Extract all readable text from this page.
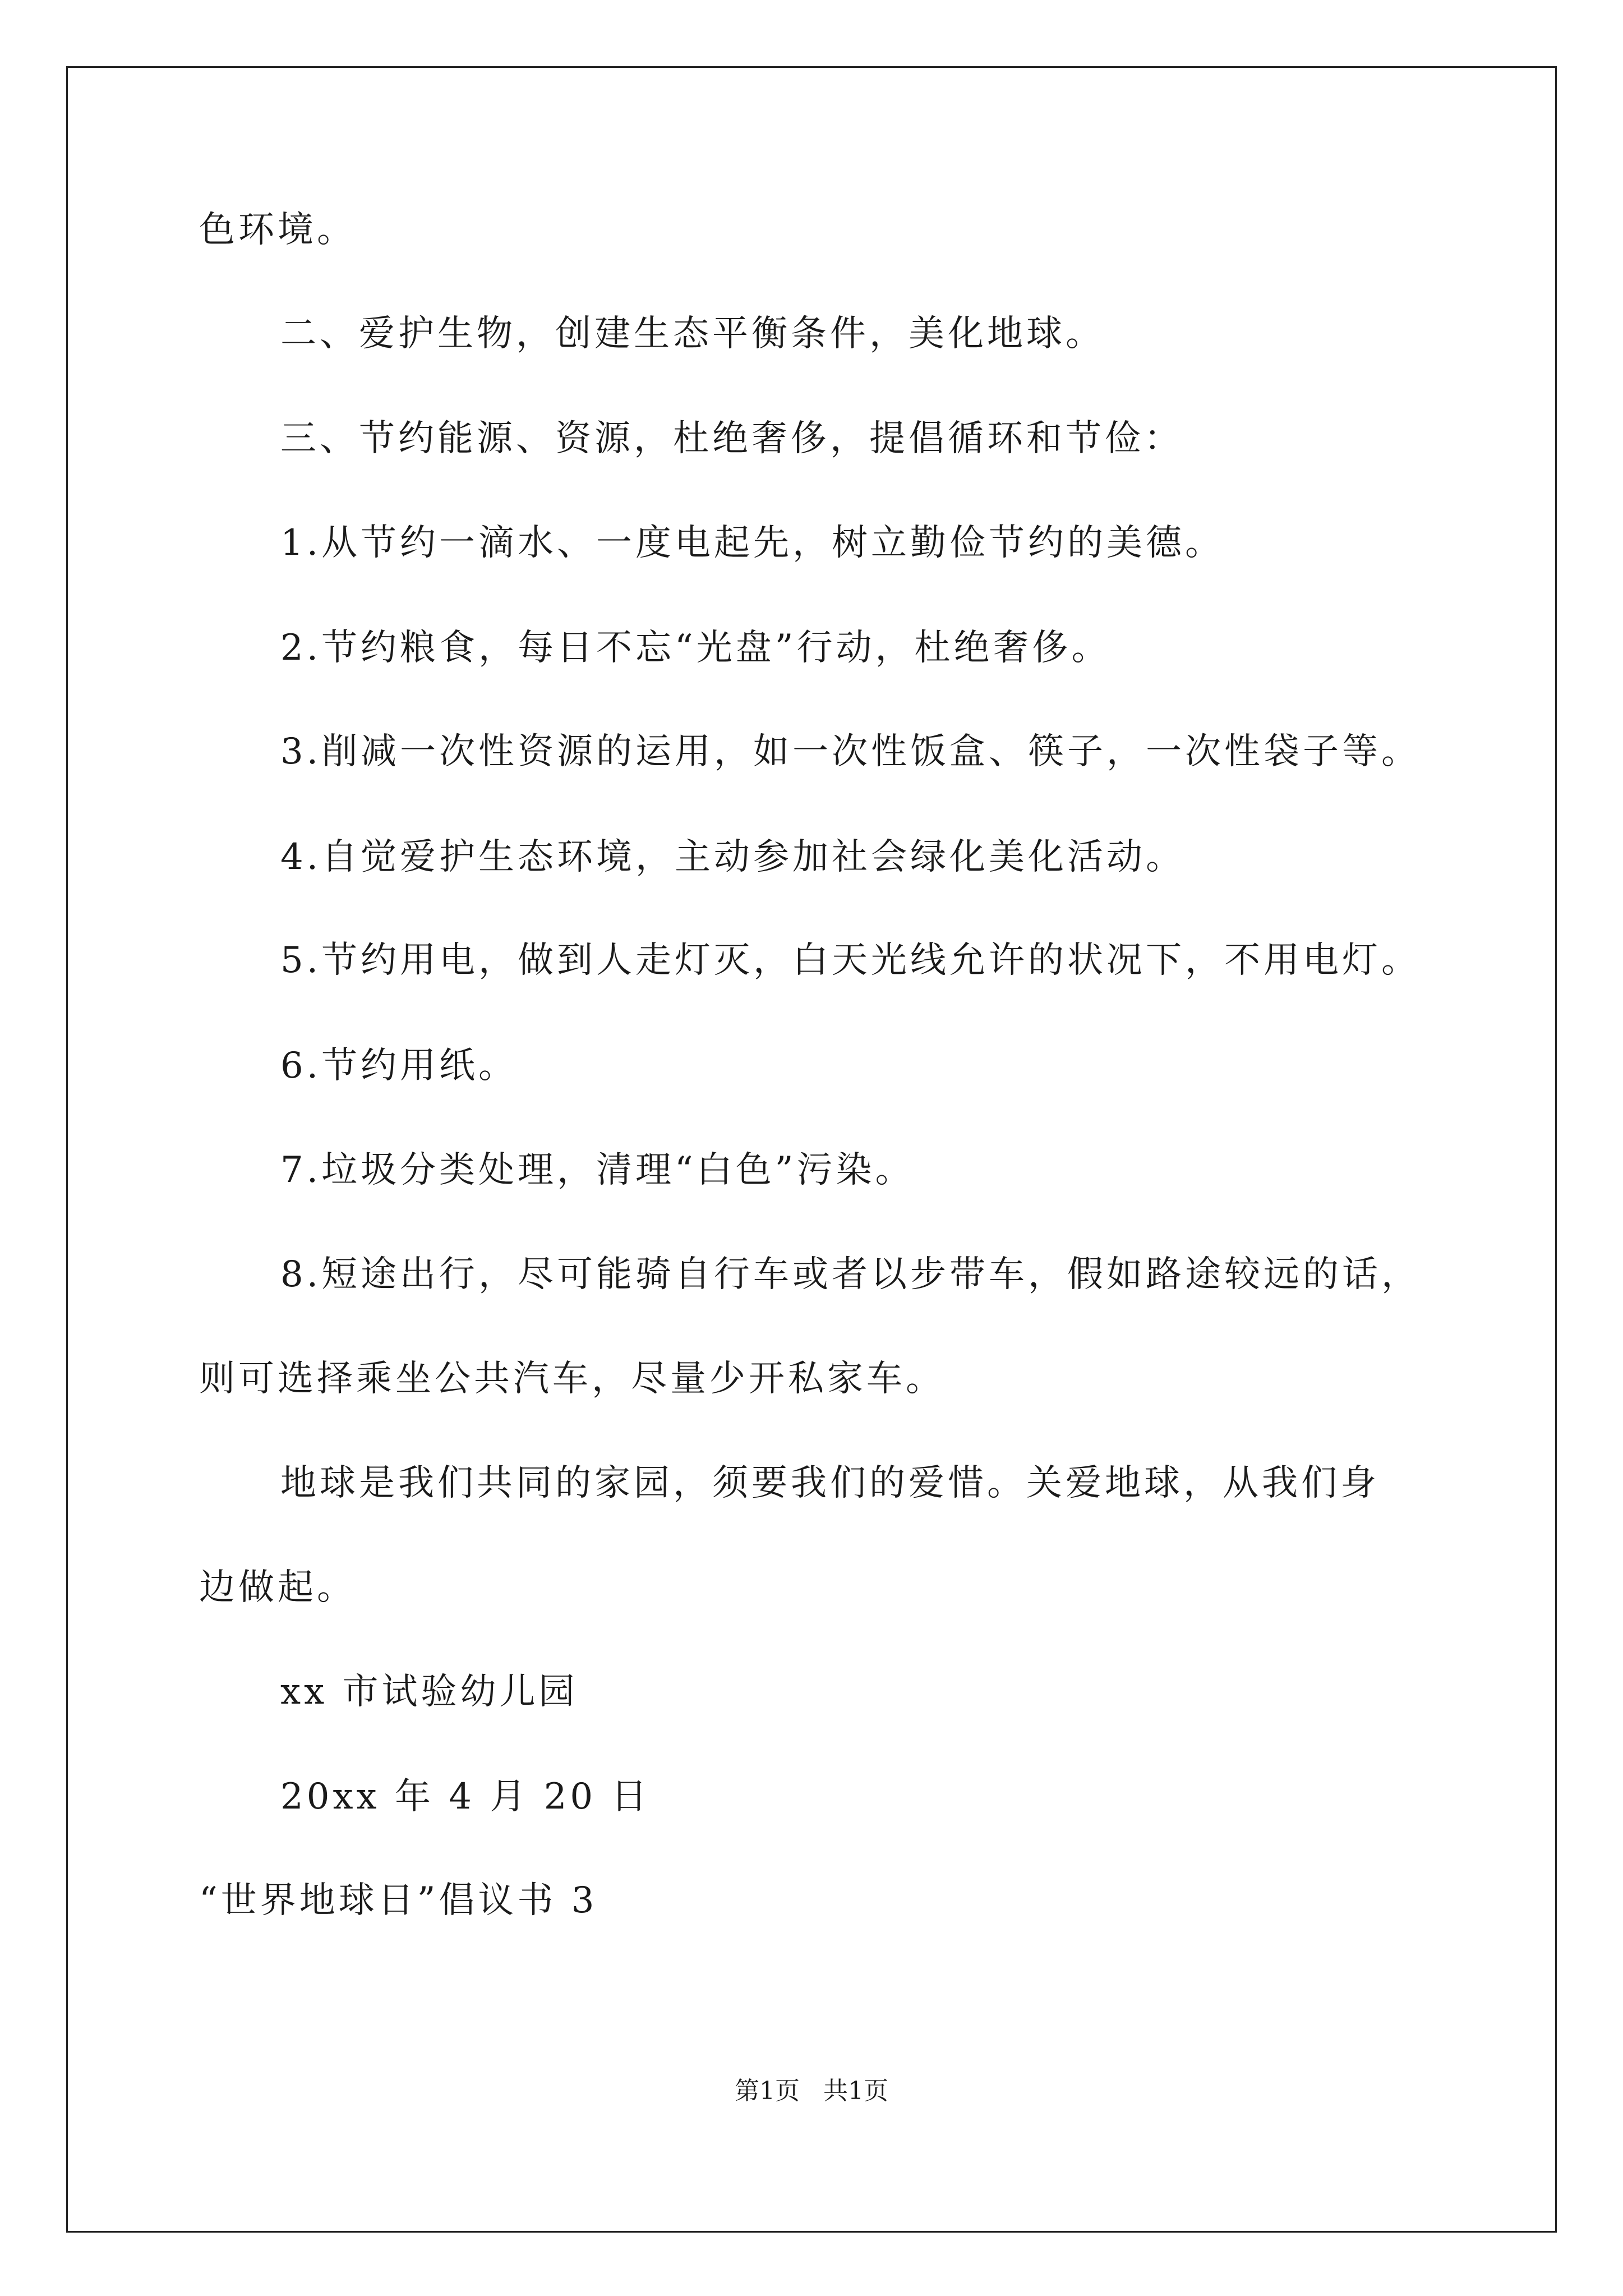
色环境。
二、爱护生物，创建生态平衡条件，美化地球。
三、节约能源、资源，杜绝奢侈，提倡循环和节俭：
1.从节约一滴水、一度电起先，树立勤俭节约的美德。
2.节约粮食，每日不忘“光盘”行动，杜绝奢侈。
3.削减一次性资源的运用，如一次性饭盒、筷子，一次性袋子等。
4.自觉爱护生态环境，主动参加社会绿化美化活动。
5.节约用电，做到人走灯灭，白天光线允许的状况下，不用电灯。
6.节约用纸。
7.垃圾分类处理，清理“白色”污染。
8.短途出行，尽可能骑自行车或者以步带车，假如路途较远的话，
则可选择乘坐公共汽车，尽量少开私家车。
地球是我们共同的家园，须要我们的爱惜。关爱地球，从我们身
边做起。
xx 市试验幼儿园
20xx 年 4 月 20 日
“世界地球日”倡议书 3
第1页   共1页
